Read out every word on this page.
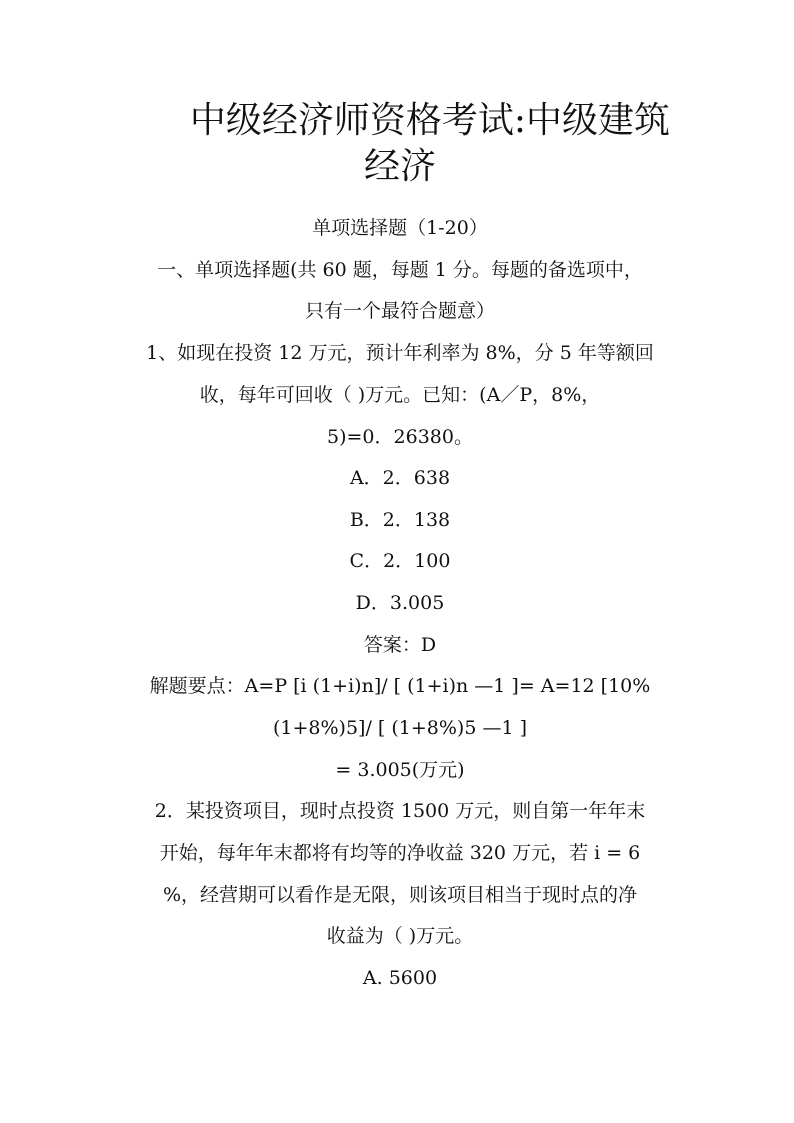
中级经济师资格考试:中级建筑
经济

单项选择题（1-20）

一、单项选择题(共 60 题，每题 1 分。每题的备选项中，

只有一个最符合题意）

1、如现在投资 12 万元，预计年利率为 8%，分 5 年等额回

收，每年可回收（ )万元。已知：(A／P，8%，

5)=0．26380。

A．2．638

B．2．138

C．2．100

D．3.005

答案：D

解题要点：A=P [i (1+i)n]/ [ (1+i)n —1 ]= A=12 [10%

(1+8%)5]/ [ (1+8%)5 —1 ]

= 3.005(万元)

2．某投资项目，现时点投资 1500 万元，则自第一年年末

开始，每年年末都将有均等的净收益 320 万元，若 i = 6

%，经营期可以看作是无限，则该项目相当于现时点的净

收益为（ )万元。

A. 5600
